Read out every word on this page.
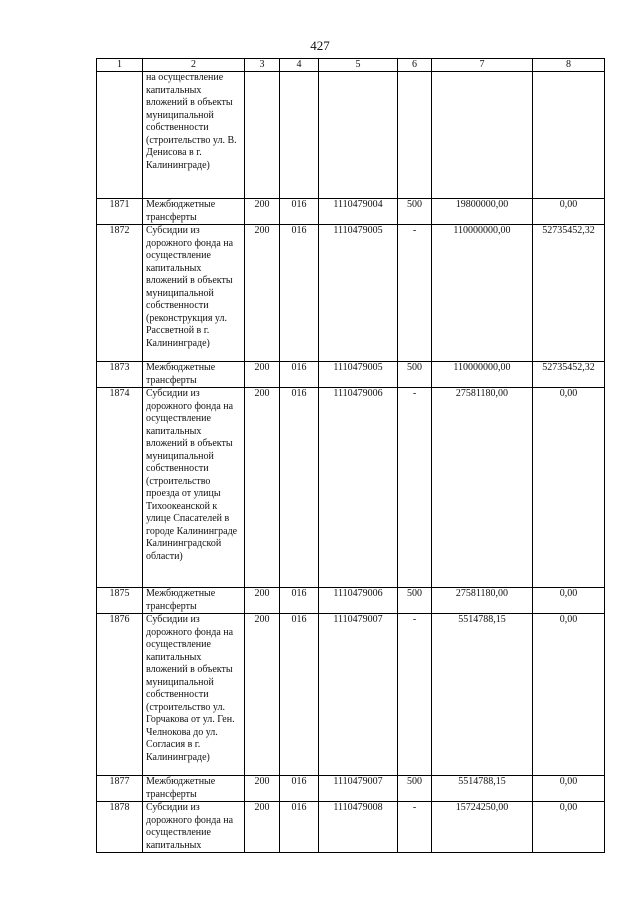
427
1	2	3	4	5	6	7	8
	на осуществление капитальных вложений в объекты муниципальной собственности (строительство ул. В. Денисова в г. Калининграде)						
1871	Межбюджетные трансферты	200	016	1110479004	500	19800000,00	0,00
1872	Субсидии из дорожного фонда на осуществление капитальных вложений в объекты муниципальной собственности (реконструкция ул. Рассветной в г. Калининграде)	200	016	1110479005	-	110000000,00	52735452,32
1873	Межбюджетные трансферты	200	016	1110479005	500	110000000,00	52735452,32
1874	Субсидии из дорожного фонда на осуществление капитальных вложений в объекты муниципальной собственности (строительство проезда от улицы Тихоокеанской к улице Спасателей в городе Калининграде Калининградской области)	200	016	1110479006	-	27581180,00	0,00
1875	Межбюджетные трансферты	200	016	1110479006	500	27581180,00	0,00
1876	Субсидии из дорожного фонда на осуществление капитальных вложений в объекты муниципальной собственности (строительство ул. Горчакова от ул. Ген. Челнокова до ул. Согласия в г. Калининграде)	200	016	1110479007	-	5514788,15	0,00
1877	Межбюджетные трансферты	200	016	1110479007	500	5514788,15	0,00
1878	Субсидии из дорожного фонда на осуществление капитальных	200	016	1110479008	-	15724250,00	0,00
